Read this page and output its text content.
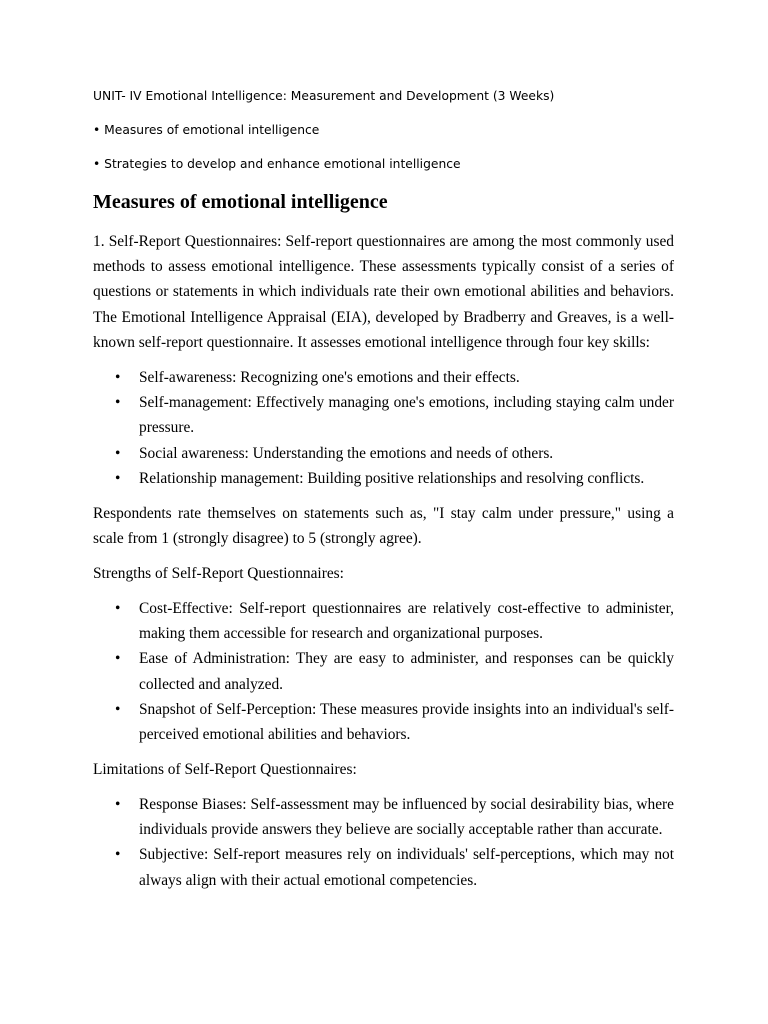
UNIT- IV Emotional Intelligence: Measurement and Development (3 Weeks)

• Measures of emotional intelligence

• Strategies to develop and enhance emotional intelligence

Measures of emotional intelligence

1. Self-Report Questionnaires: Self-report questionnaires are among the most commonly used methods to assess emotional intelligence. These assessments typically consist of a series of questions or statements in which individuals rate their own emotional abilities and behaviors. The Emotional Intelligence Appraisal (EIA), developed by Bradberry and Greaves, is a well-known self-report questionnaire. It assesses emotional intelligence through four key skills:

• Self-awareness: Recognizing one's emotions and their effects.
• Self-management: Effectively managing one's emotions, including staying calm under pressure.
• Social awareness: Understanding the emotions and needs of others.
• Relationship management: Building positive relationships and resolving conflicts.

Respondents rate themselves on statements such as, "I stay calm under pressure," using a scale from 1 (strongly disagree) to 5 (strongly agree).

Strengths of Self-Report Questionnaires:

• Cost-Effective: Self-report questionnaires are relatively cost-effective to administer, making them accessible for research and organizational purposes.
• Ease of Administration: They are easy to administer, and responses can be quickly collected and analyzed.
• Snapshot of Self-Perception: These measures provide insights into an individual's self-perceived emotional abilities and behaviors.

Limitations of Self-Report Questionnaires:

• Response Biases: Self-assessment may be influenced by social desirability bias, where individuals provide answers they believe are socially acceptable rather than accurate.
• Subjective: Self-report measures rely on individuals' self-perceptions, which may not always align with their actual emotional competencies.
